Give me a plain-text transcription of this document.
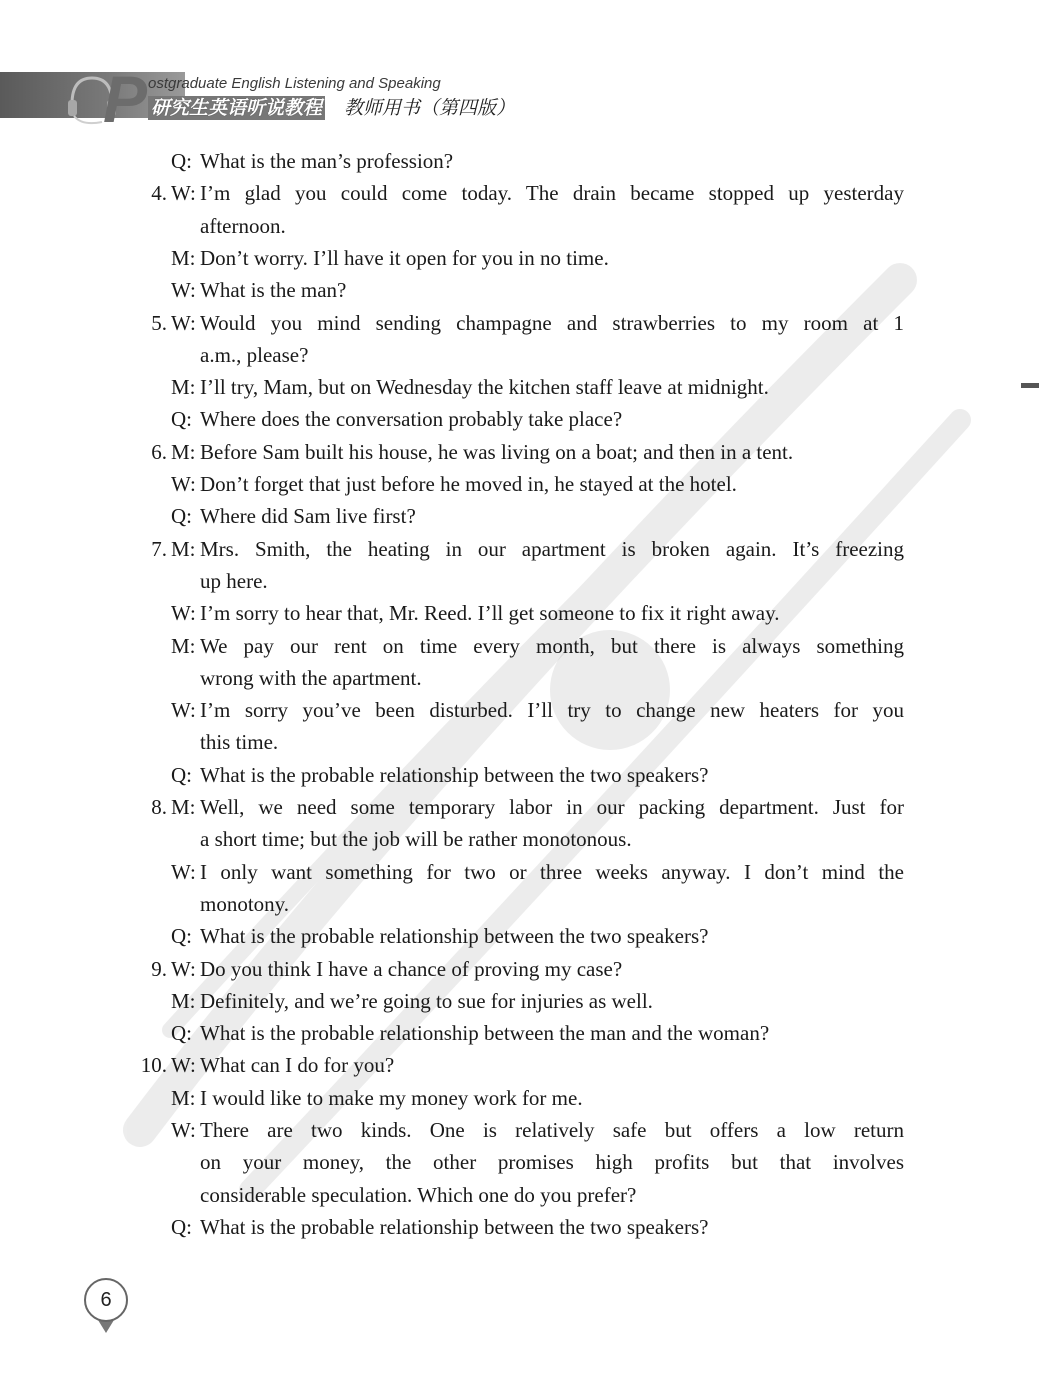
P ostgraduate English Listening and Speaking
研究生英语听说教程 教师用书（第四版）
Q: What is the man’s profession?
4. W: I’m glad you could come today. The drain became stopped up yesterday
afternoon.
M: Don’t worry. I’ll have it open for you in no time.
W: What is the man?
5. W: Would you mind sending champagne and strawberries to my room at 1
a.m., please?
M: I’ll try, Mam, but on Wednesday the kitchen staff leave at midnight.
Q: Where does the conversation probably take place?
6. M: Before Sam built his house, he was living on a boat; and then in a tent.
W: Don’t forget that just before he moved in, he stayed at the hotel.
Q: Where did Sam live first?
7. M: Mrs. Smith, the heating in our apartment is broken again. It’s freezing
up here.
W: I’m sorry to hear that, Mr. Reed. I’ll get someone to fix it right away.
M: We pay our rent on time every month, but there is always something
wrong with the apartment.
W: I’m sorry you’ve been disturbed. I’ll try to change new heaters for you
this time.
Q: What is the probable relationship between the two speakers?
8. M: Well, we need some temporary labor in our packing department. Just for
a short time; but the job will be rather monotonous.
W: I only want something for two or three weeks anyway. I don’t mind the
monotony.
Q: What is the probable relationship between the two speakers?
9. W: Do you think I have a chance of proving my case?
M: Definitely, and we’re going to sue for injuries as well.
Q: What is the probable relationship between the man and the woman?
10. W: What can I do for you?
M: I would like to make my money work for me.
W: There are two kinds. One is relatively safe but offers a low return
on your money, the other promises high profits but that involves
considerable speculation. Which one do you prefer?
Q: What is the probable relationship between the two speakers?
6
